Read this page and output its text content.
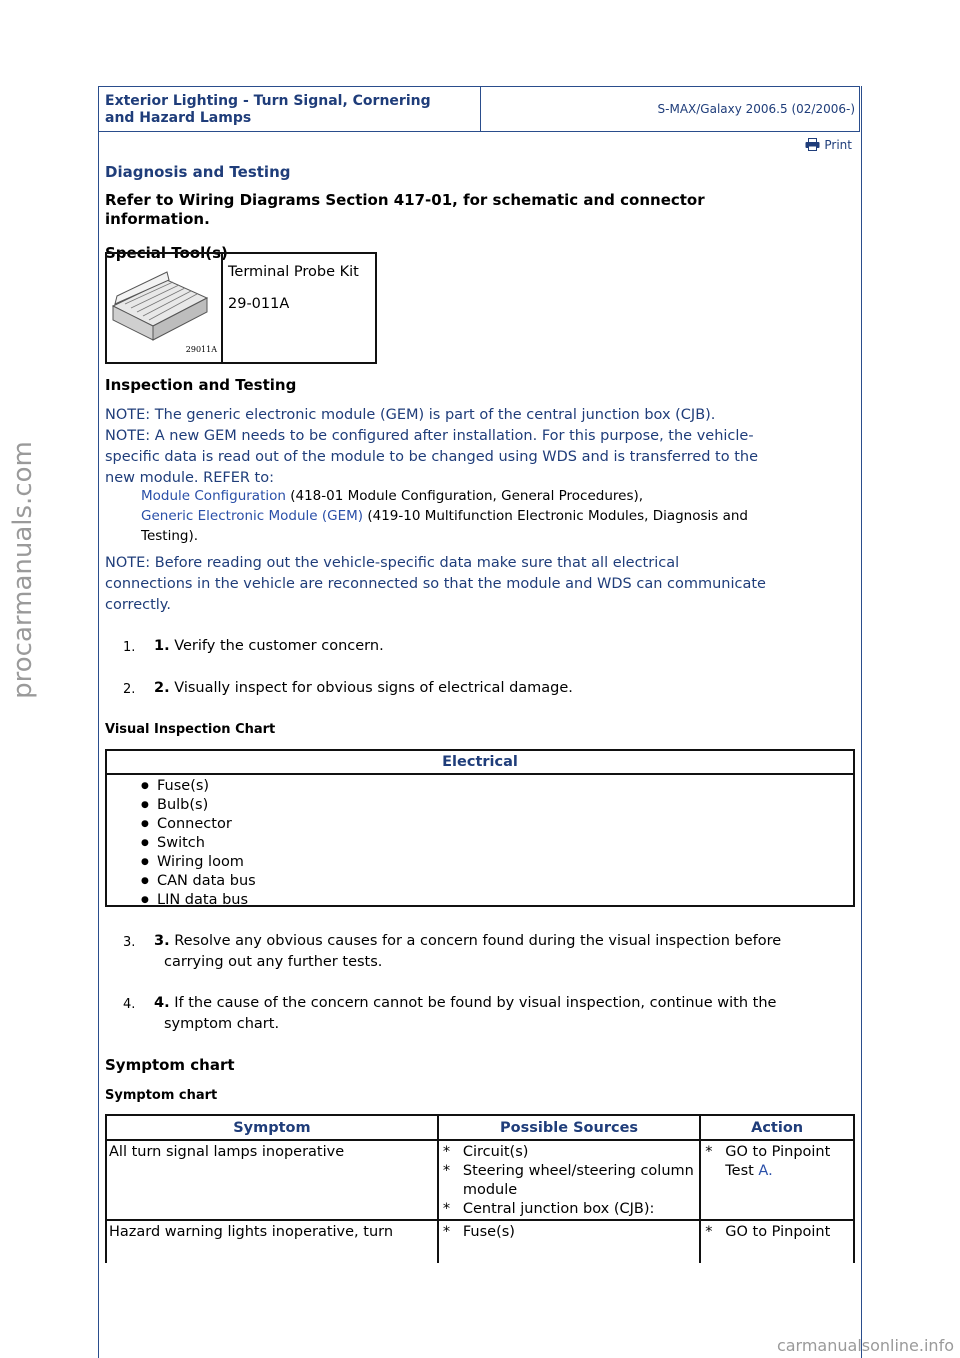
Exterior Lighting - Turn Signal, Cornering
and Hazard Lamps
S-MAX/Galaxy 2006.5 (02/2006-)
Print
Diagnosis and Testing
Refer to Wiring Diagrams Section 417-01, for schematic and connector
information.
Special Tool(s)
29011A
Terminal Probe Kit
29-011A
Inspection and Testing
NOTE: The generic electronic module (GEM) is part of the central junction box (CJB).
NOTE: A new GEM needs to be configured after installation. For this purpose, the vehicle-
specific data is read out of the module to be changed using WDS and is transferred to the
new module. REFER to:
Module Configuration (418-01 Module Configuration, General Procedures),
Generic Electronic Module (GEM) (419-10 Multifunction Electronic Modules, Diagnosis and
Testing).
NOTE: Before reading out the vehicle-specific data make sure that all electrical
connections in the vehicle are reconnected so that the module and WDS can communicate
correctly.
1. 1. Verify the customer concern.
2. 2. Visually inspect for obvious signs of electrical damage.
Visual Inspection Chart
Electrical
● Fuse(s)
● Bulb(s)
● Connector
● Switch
● Wiring loom
● CAN data bus
● LIN data bus
3. 3. Resolve any obvious causes for a concern found during the visual inspection before
carrying out any further tests.
4. 4. If the cause of the concern cannot be found by visual inspection, continue with the
symptom chart.
Symptom chart
Symptom chart
Symptom	Possible Sources	Action
All turn signal lamps inoperative	* Circuit(s)
* Steering wheel/steering column module
* Central junction box (CJB):	* GO to Pinpoint Test A.

Hazard warning lights inoperative, turn	* Fuse(s)	* GO to Pinpoint
procarmanuals.com
carmanualsonline.info
